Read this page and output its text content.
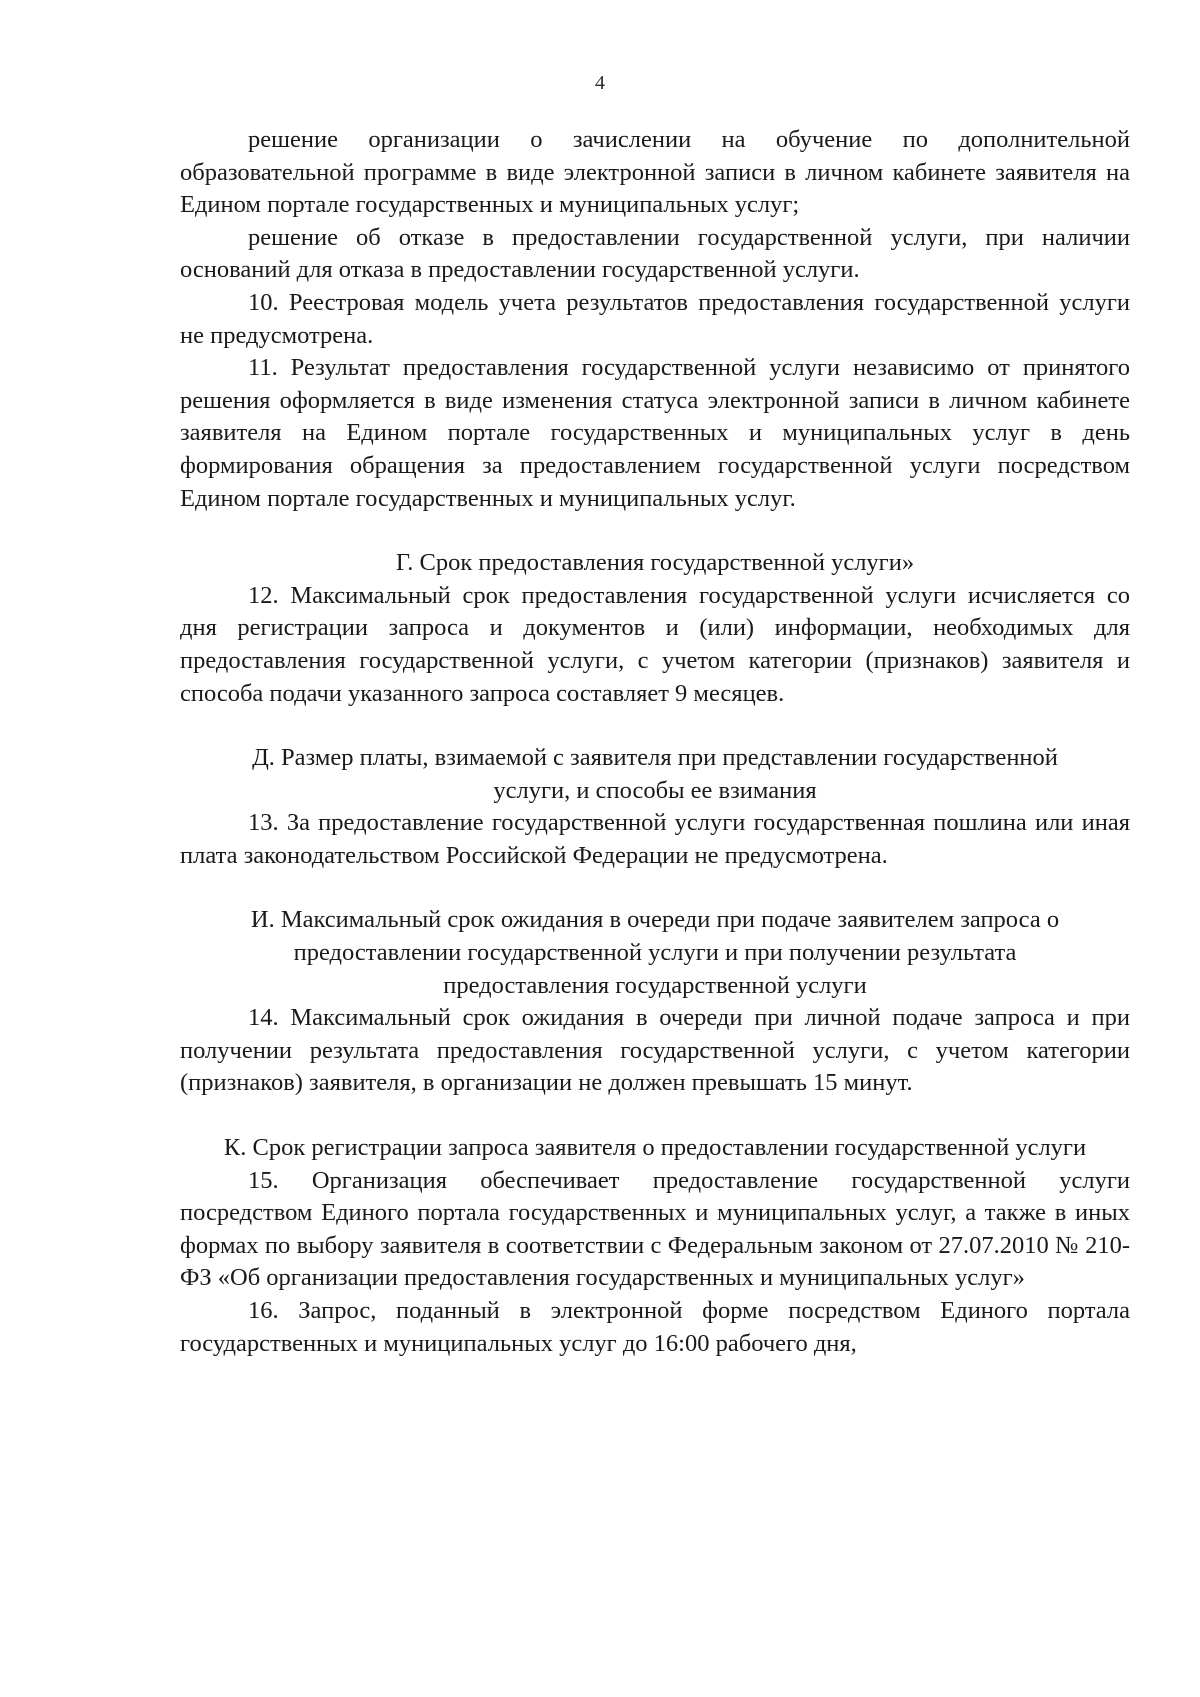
4

решение организации о зачислении на обучение по дополнительной образовательной программе в виде электронной записи в личном кабинете заявителя на Едином портале государственных и муниципальных услуг;

решение об отказе в предоставлении государственной услуги, при наличии оснований для отказа в предоставлении государственной услуги.

10. Реестровая модель учета результатов предоставления государственной услуги не предусмотрена.

11. Результат предоставления государственной услуги независимо от принятого решения оформляется в виде изменения статуса электронной записи в личном кабинете заявителя на Едином портале государственных и муниципальных услуг в день формирования обращения за предоставлением государственной услуги посредством Едином портале государственных и муниципальных услуг.

Г. Срок предоставления государственной услуги»

12. Максимальный срок предоставления государственной услуги исчисляется со дня регистрации запроса и документов и (или) информации, необходимых для предоставления государственной услуги, с учетом категории (признаков) заявителя и способа подачи указанного запроса составляет 9 месяцев.

Д. Размер платы, взимаемой с заявителя при представлении государственной услуги, и способы ее взимания

13. За предоставление государственной услуги государственная пошлина или иная плата законодательством Российской Федерации не предусмотрена.

И. Максимальный срок ожидания в очереди при подаче заявителем запроса о предоставлении государственной услуги и при получении результата предоставления государственной услуги

14. Максимальный срок ожидания в очереди при личной подаче запроса и при получении результата предоставления государственной услуги, с учетом категории (признаков) заявителя, в организации не должен превышать 15 минут.

К. Срок регистрации запроса заявителя о предоставлении государственной услуги

15. Организация обеспечивает предоставление государственной услуги посредством Единого портала государственных и муниципальных услуг, а также в иных формах по выбору заявителя в соответствии с Федеральным законом от 27.07.2010 № 210-ФЗ «Об организации предоставления государственных и муниципальных услуг»

16. Запрос, поданный в электронной форме посредством Единого портала государственных и муниципальных услуг до 16:00 рабочего дня,
